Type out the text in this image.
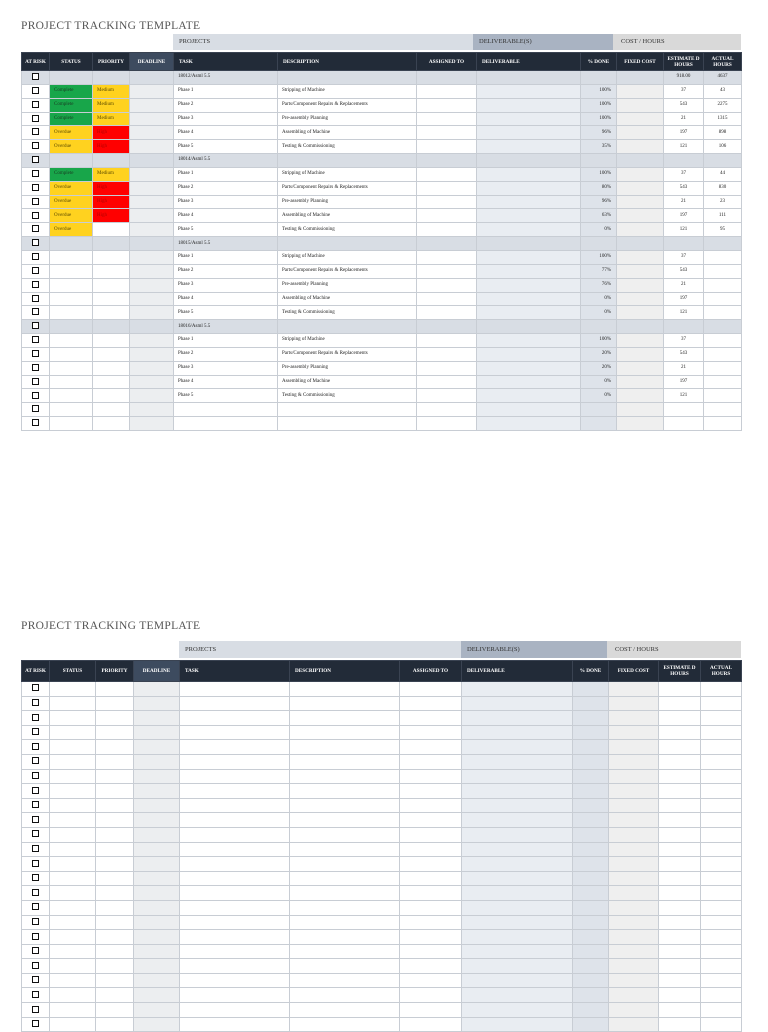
PROJECT TRACKING TEMPLATE
PROJECTS	DELIVERABLE(S)	COST / HOURS
AT RISK	STATUS	PRIORITY	DEADLINE	TASK	DESCRIPTION	ASSIGNED TO	DELIVERABLE	% DONE	FIXED COST	ESTIMATE D HOURS	ACTUAL HOURS
				18012/Asml 5.5						918.00	4637
	Complete	Medium		Phase 1	Stripping of Machine			100%		37	43
	Complete	Medium		Phase 2	Parts/Component Repairs & Replacements			100%		543	2275
	Complete	Medium		Phase 3	Pre-assembly Planning			100%		21	1315
	Overdue	High		Phase 4	Assembling of Machine			96%		197	898
	Overdue	High		Phase 5	Testing & Commissioning			35%		121	106
				18014/Asml 5.5							
	Complete	Medium		Phase 1	Stripping of Machine			100%		37	44
	Overdue	High		Phase 2	Parts/Component Repairs & Replacements			80%		543	830
	Overdue	High		Phase 3	Pre-assembly Planning			96%		21	23
	Overdue	High		Phase 4	Assembling of Machine			63%		197	111
	Overdue			Phase 5	Testing & Commissioning			0%		121	95
				18015/Asml 5.5							
				Phase 1	Stripping of Machine			100%		37	
				Phase 2	Parts/Component Repairs & Replacements			77%		543	
				Phase 3	Pre-assembly Planning			76%		21	
				Phase 4	Assembling of Machine			0%		197	
				Phase 5	Testing & Commissioning			0%		121	
				18016/Asml 5.5							
				Phase 1	Stripping of Machine			100%		37	
				Phase 2	Parts/Component Repairs & Replacements			20%		543	
				Phase 3	Pre-assembly Planning			20%		21	
				Phase 4	Assembling of Machine			0%		197	
				Phase 5	Testing & Commissioning			0%		121	

PROJECT TRACKING TEMPLATE
PROJECTS	DELIVERABLE(S)	COST / HOURS
AT RISK	STATUS	PRIORITY	DEADLINE	TASK	DESCRIPTION	ASSIGNED TO	DELIVERABLE	% DONE	FIXED COST	ESTIMATE D HOURS	ACTUAL HOURS
